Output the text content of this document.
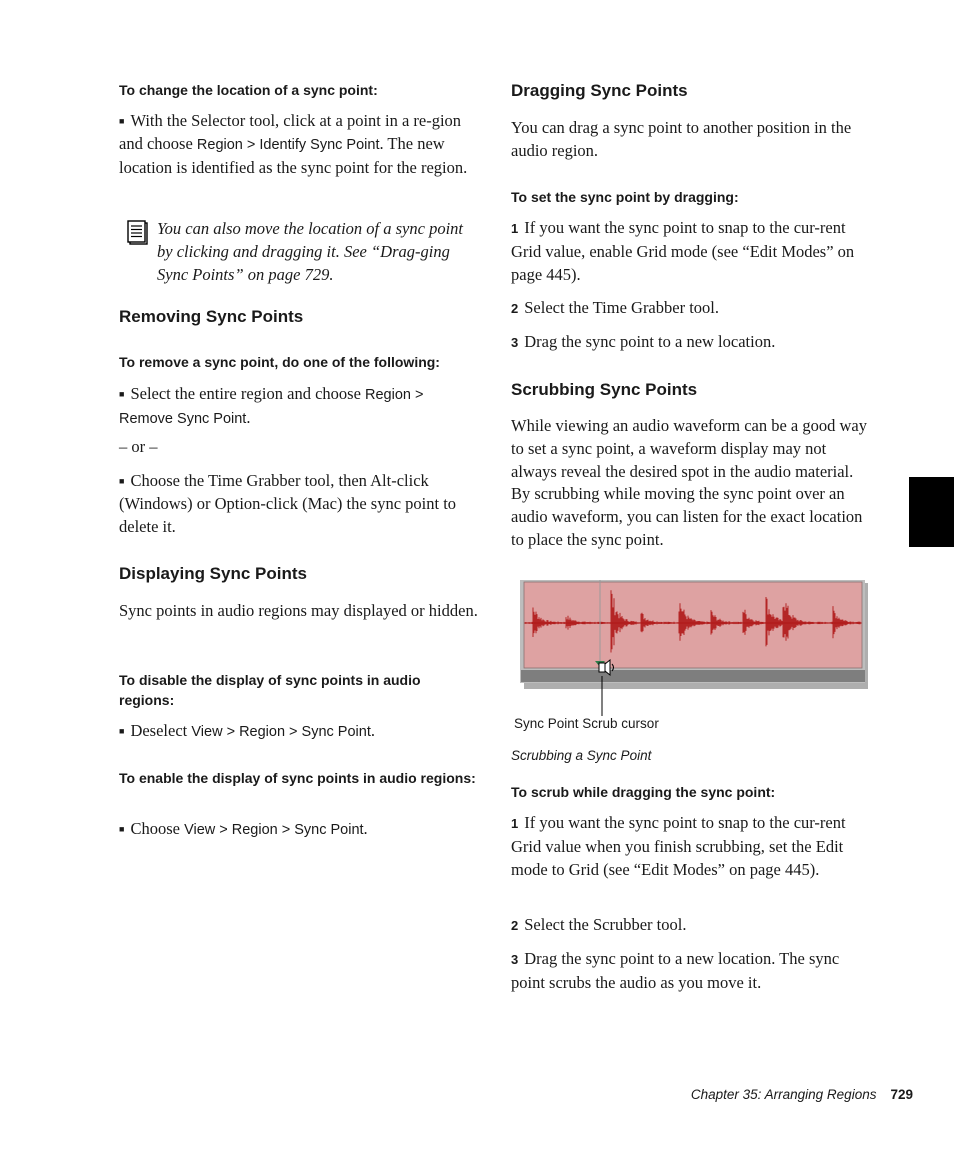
To change the location of a sync point:
■ With the Selector tool, click at a point in a re-gion and choose Region > Identify Sync Point. The new location is identified as the sync point for the region.
You can also move the location of a sync point by clicking and dragging it. See “Drag-ging Sync Points” on page 729.
Removing Sync Points
To remove a sync point, do one of the following:
■ Select the entire region and choose Region > Remove Sync Point.
– or –
■ Choose the Time Grabber tool, then Alt-click (Windows) or Option-click (Mac) the sync point to delete it.
Displaying Sync Points
Sync points in audio regions may displayed or hidden.
To disable the display of sync points in audio regions:
■ Deselect View > Region > Sync Point.
To enable the display of sync points in audio regions:
■ Choose View > Region > Sync Point.
Dragging Sync Points
You can drag a sync point to another position in the audio region.
To set the sync point by dragging:
1 If you want the sync point to snap to the cur-rent Grid value, enable Grid mode (see “Edit Modes” on page 445).
2 Select the Time Grabber tool.
3 Drag the sync point to a new location.
Scrubbing Sync Points
While viewing an audio waveform can be a good way to set a sync point, a waveform display may not always reveal the desired spot in the audio material. By scrubbing while moving the sync point over an audio waveform, you can listen for the exact location to place the sync point.
Sync Point Scrub cursor
Scrubbing a Sync Point
To scrub while dragging the sync point:
1 If you want the sync point to snap to the cur-rent Grid value when you finish scrubbing, set the Edit mode to Grid (see “Edit Modes” on page 445).
2 Select the Scrubber tool.
3 Drag the sync point to a new location. The sync point scrubs the audio as you move it.
Chapter 35: Arranging Regions 729
